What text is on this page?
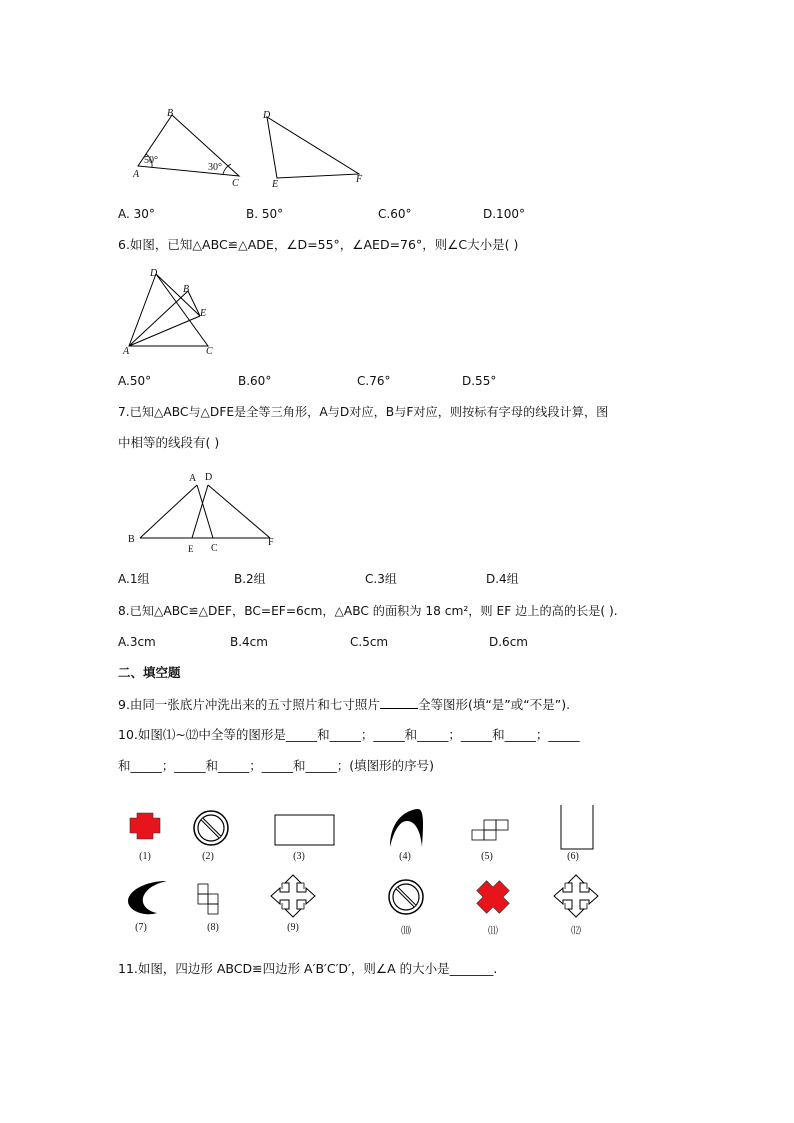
B
A
C
50°
30°
D
E	F
A. 30°	B. 50°	C.60°	D.100°
6.如图，已知△ABC≌△ADE，∠D=55°，∠AED=76°，则∠C大小是( )
D
B
E
A	C
A.50°	B.60°	C.76°	D.55°
7.已知△ABC与△DFE是全等三角形，A与D对应，B与F对应，则按标有字母的线段计算，图
中相等的线段有( )
A D
B
E C
F
A.1组	B.2组	C.3组	D.4组
8.已知△ABC≌△DEF，BC=EF=6cm，△ABC 的面积为 18 cm²，则 EF 边上的高的长是( ).
A.3cm	B.4cm	C.5cm	D.6cm
二、填空题
9.由同一张底片冲洗出来的五寸照片和七寸照片	全等图形(填“是”或“不是”).
10.如图⑴~⑿中全等的图形是_____和_____；_____和_____；_____和_____；_____
和_____；_____和_____；_____和_____；(填图形的序号)
(1)	(2)	(3)	(4)	(5)	(6)
(7)	(8)	(9)	⑽	⑾	⑿
11.如图，四边形 ABCD≌四边形 A′B′C′D′，则∠A 的大小是_______.
